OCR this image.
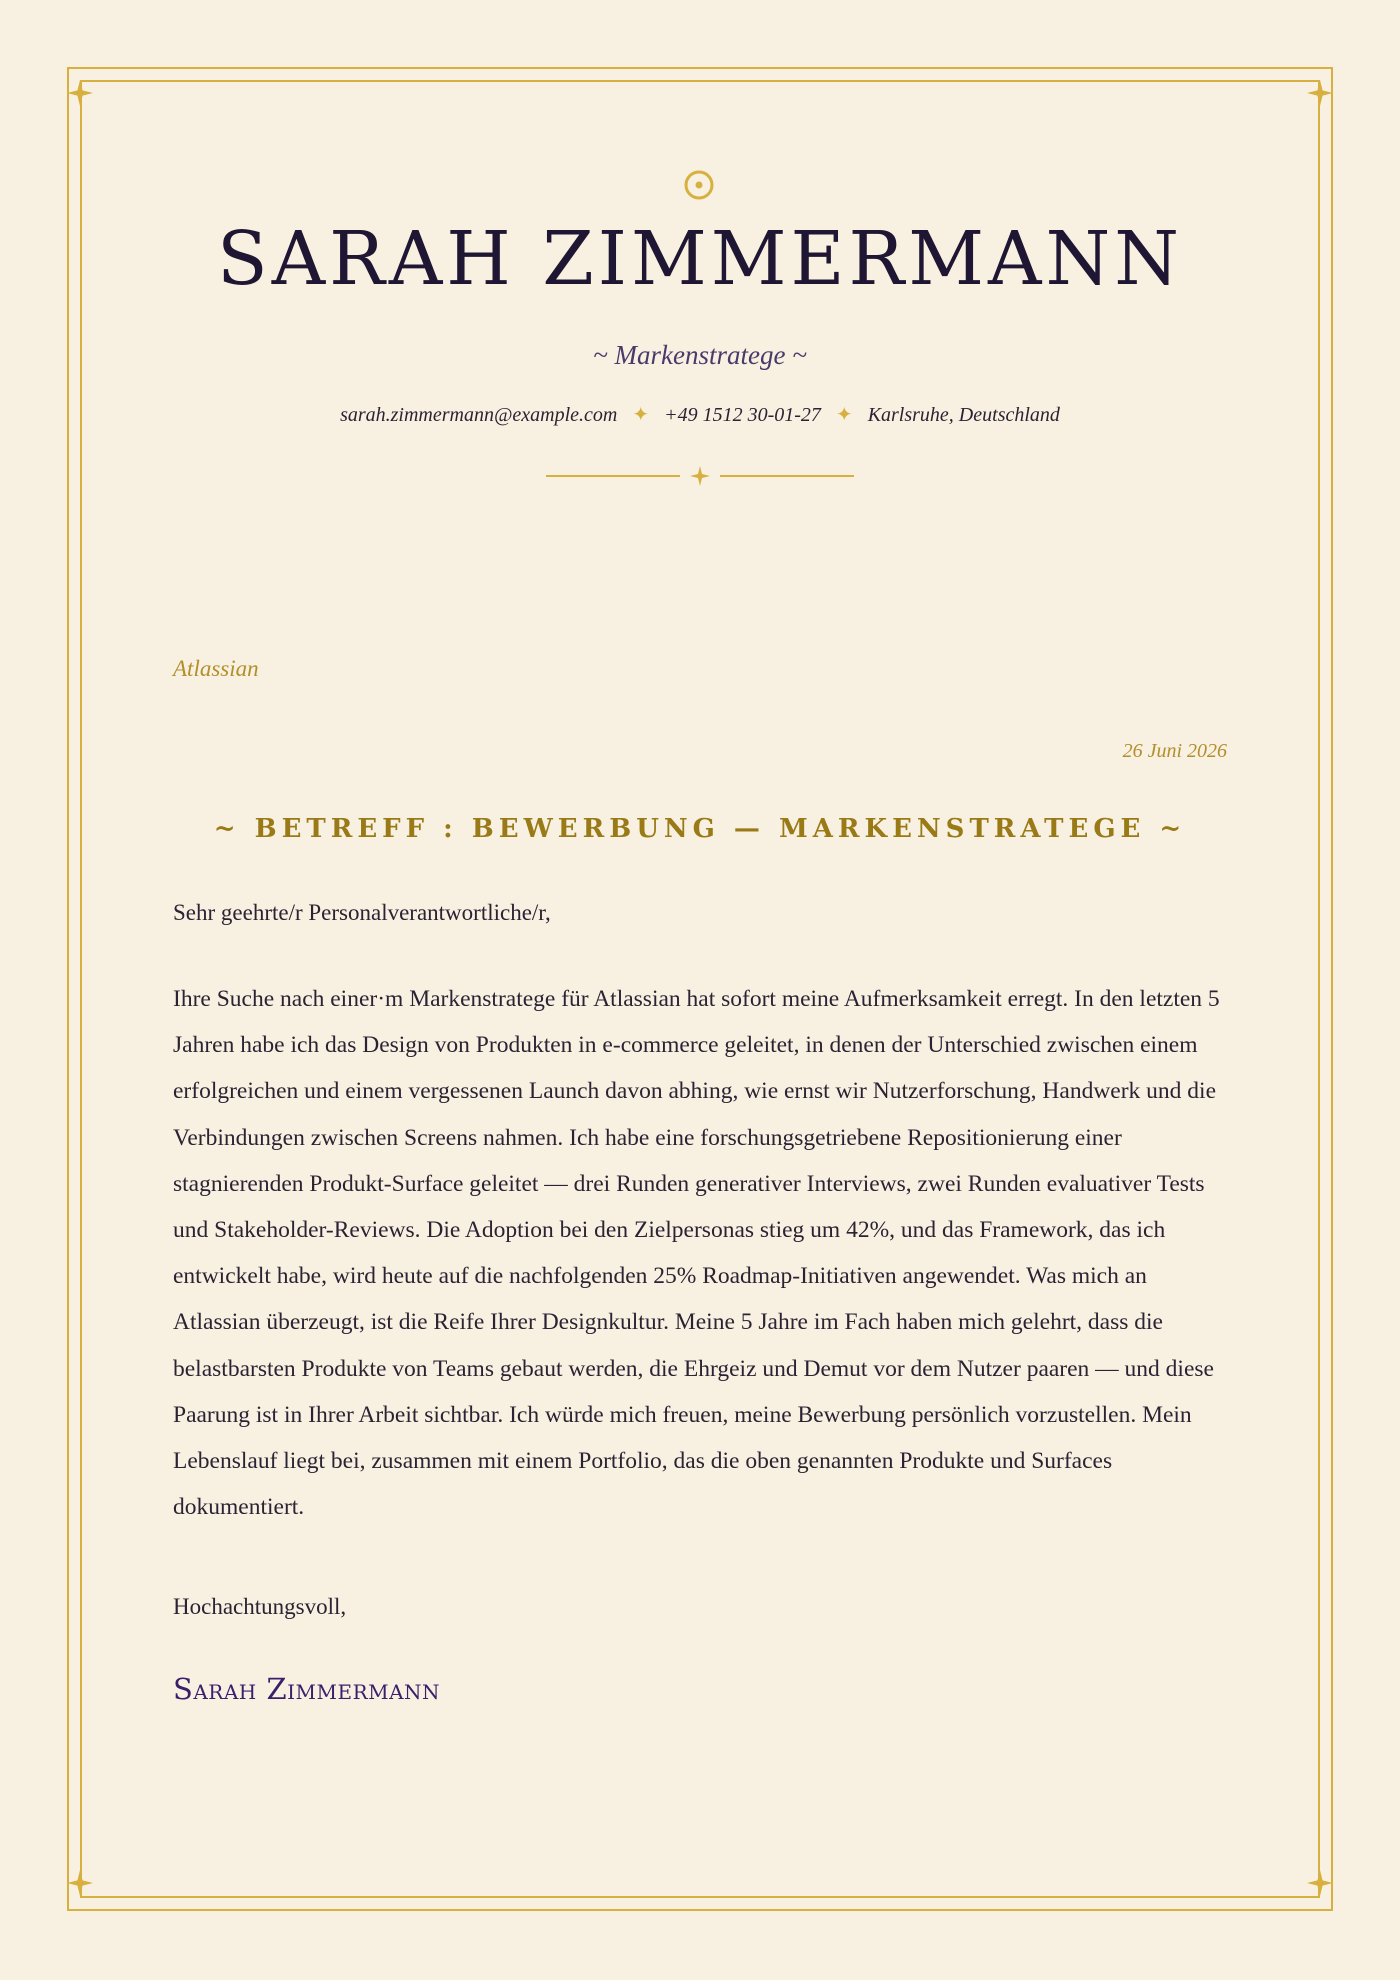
SARAH ZIMMERMANN
~ Markenstratege ~
sarah.zimmermann@example.com ✦ +49 1512 30-01-27 ✦ Karlsruhe, Deutschland
Atlassian
26 Juni 2026
~ BETREFF : BEWERBUNG — MARKENSTRATEGE ~
Sehr geehrte/r Personalverantwortliche/r,

Ihre Suche nach einer·m Markenstratege für Atlassian hat sofort meine Aufmerksamkeit erregt. In den letzten 5 Jahren habe ich das Design von Produkten in e-commerce geleitet, in denen der Unterschied zwischen einem erfolgreichen und einem vergessenen Launch davon abhing, wie ernst wir Nutzerforschung, Handwerk und die Verbindungen zwischen Screens nahmen. Ich habe eine forschungsgetriebene Repositionierung einer stagnierenden Produkt-Surface geleitet — drei Runden generativer Interviews, zwei Runden evaluativer Tests und Stakeholder-Reviews. Die Adoption bei den Zielpersonas stieg um 42%, und das Framework, das ich entwickelt habe, wird heute auf die nachfolgenden 25% Roadmap-Initiativen angewendet. Was mich an Atlassian überzeugt, ist die Reife Ihrer Designkultur. Meine 5 Jahre im Fach haben mich gelehrt, dass die belastbarsten Produkte von Teams gebaut werden, die Ehrgeiz und Demut vor dem Nutzer paaren — und diese Paarung ist in Ihrer Arbeit sichtbar. Ich würde mich freuen, meine Bewerbung persönlich vorzustellen. Mein Lebenslauf liegt bei, zusammen mit einem Portfolio, das die oben genannten Produkte und Surfaces dokumentiert.

Hochachtungsvoll,
Sarah Zimmermann
